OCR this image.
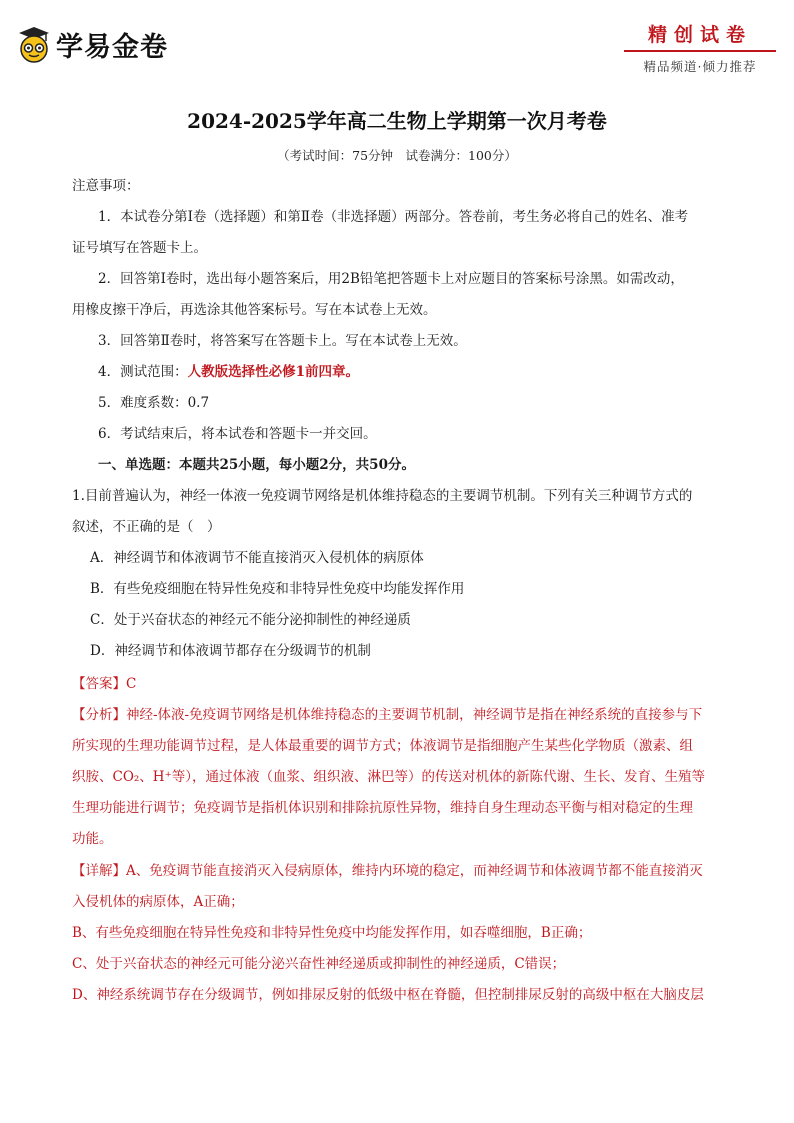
学易金卷	精创试卷
精品频道·倾力推荐
2024-2025学年高二生物上学期第一次月考卷
（考试时间：75分钟　试卷满分：100分）
注意事项：
1．本试卷分第Ⅰ卷（选择题）和第Ⅱ卷（非选择题）两部分。答卷前，考生务必将自己的姓名、准考
证号填写在答题卡上。
2．回答第Ⅰ卷时，选出每小题答案后，用2B铅笔把答题卡上对应题目的答案标号涂黑。如需改动，
用橡皮擦干净后，再选涂其他答案标号。写在本试卷上无效。
3．回答第Ⅱ卷时，将答案写在答题卡上。写在本试卷上无效。
4．测试范围：人教版选择性必修1前四章。
5．难度系数：0.7
6．考试结束后，将本试卷和答题卡一并交回。
一、单选题：本题共25小题，每小题2分，共50分。
1.目前普遍认为，神经一体液一免疫调节网络是机体维持稳态的主要调节机制。下列有关三种调节方式的
叙述，不正确的是（　）
A．神经调节和体液调节不能直接消灭入侵机体的病原体
B．有些免疫细胞在特异性免疫和非特异性免疫中均能发挥作用
C．处于兴奋状态的神经元不能分泌抑制性的神经递质
D．神经调节和体液调节都存在分级调节的机制
【答案】C
【分析】神经-体液-免疫调节网络是机体维持稳态的主要调节机制，神经调节是指在神经系统的直接参与下
所实现的生理功能调节过程，是人体最重要的调节方式；体液调节是指细胞产生某些化学物质（激素、组
织胺、CO₂、H⁺等），通过体液（血浆、组织液、淋巴等）的传送对机体的新陈代谢、生长、发育、生殖等
生理功能进行调节；免疫调节是指机体识别和排除抗原性异物，维持自身生理动态平衡与相对稳定的生理
功能。
【详解】A、免疫调节能直接消灭入侵病原体，维持内环境的稳定，而神经调节和体液调节都不能直接消灭
入侵机体的病原体，A正确；
B、有些免疫细胞在特异性免疫和非特异性免疫中均能发挥作用，如吞噬细胞，B正确；
C、处于兴奋状态的神经元可能分泌兴奋性神经递质或抑制性的神经递质，C错误；
D、神经系统调节存在分级调节，例如排尿反射的低级中枢在脊髓，但控制排尿反射的高级中枢在大脑皮层
